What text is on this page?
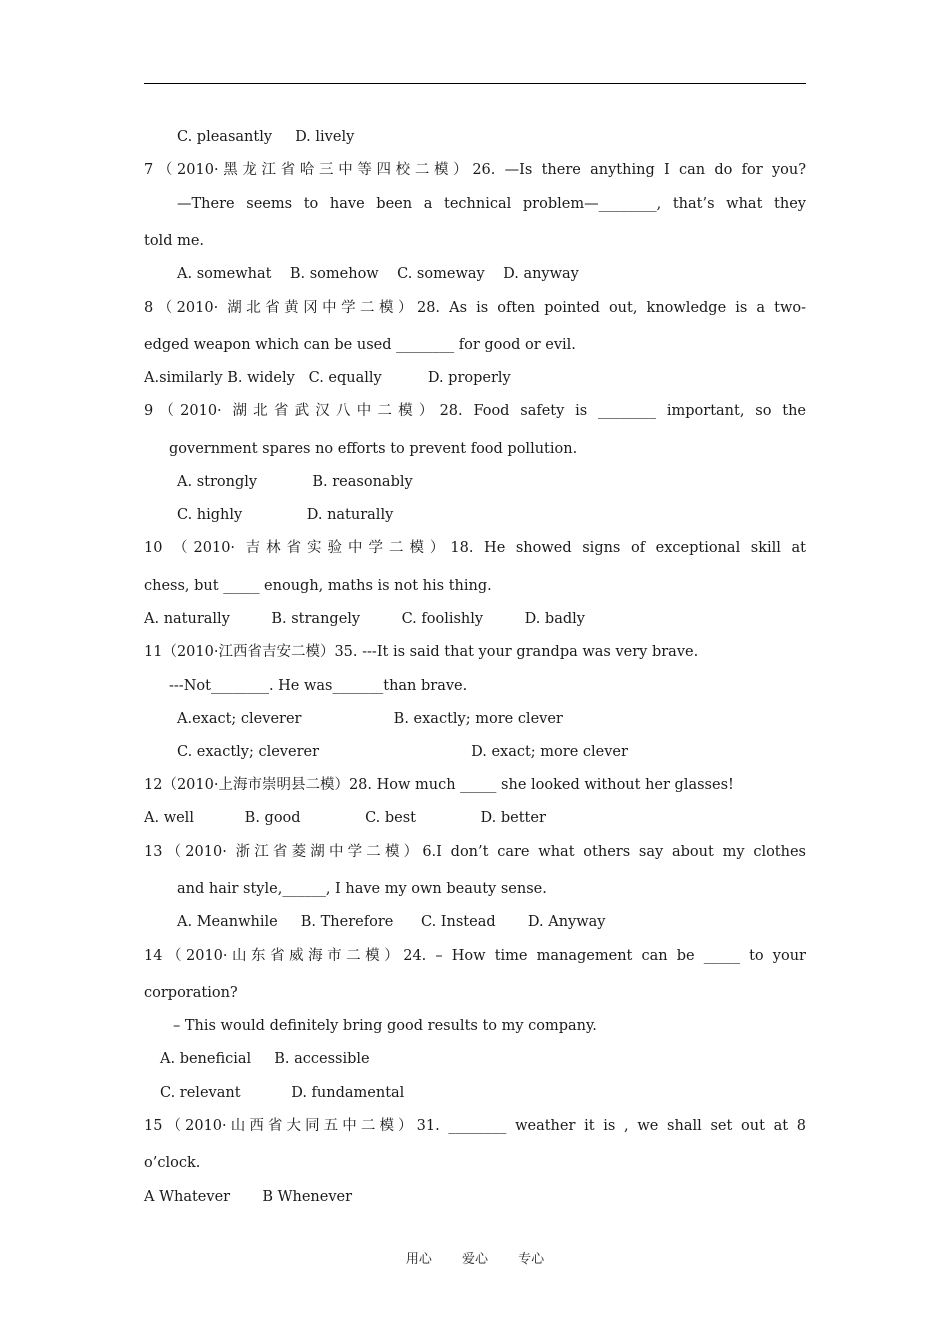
C. pleasantly     D. lively
7（2010·黑龙江省哈三中等四校二模）26. —Is there anything I can do for you?
—There seems to have been a technical problem—________, that’s what they
told me.
A. somewhat    B. somehow    C. someway    D. anyway
8（2010· 湖北省黄冈中学二模）28. As is often pointed out, knowledge is a two-
edged weapon which can be used ________ for good or evil.
A.similarly B. widely   C. equally          D. properly
9（2010· 湖北省武汉八中二模）28. Food safety is ________ important, so the
government spares no efforts to prevent food pollution.
A. strongly            B. reasonably
C. highly              D. naturally
10 （2010· 吉林省实验中学二模）18. He showed signs of exceptional skill at
chess, but _____ enough, maths is not his thing.
A. naturally         B. strangely         C. foolishly         D. badly
11（2010·江西省吉安二模）35. ---It is said that your grandpa was very brave.
---Not________. He was_______than brave.
A.exact; cleverer                    B. exactly; more clever
C. exactly; cleverer                                 D. exact; more clever
12（2010·上海市崇明县二模）28. How much _____ she looked without her glasses!
A. well           B. good              C. best              D. better
13（2010· 浙江省菱湖中学二模）6.I don’t care what others say about my clothes
and hair style,______, I have my own beauty sense.
A. Meanwhile     B. Therefore      C. Instead       D. Anyway
14（2010·山东省威海市二模）24. – How time management can be _____ to your
corporation?
– This would definitely bring good results to my company.
A. beneficial     B. accessible
C. relevant           D. fundamental
15（2010·山西省大同五中二模）31. ________ weather it is , we shall set out at 8
o’clock.
A Whatever       B Whenever
用心 爱心 专心
